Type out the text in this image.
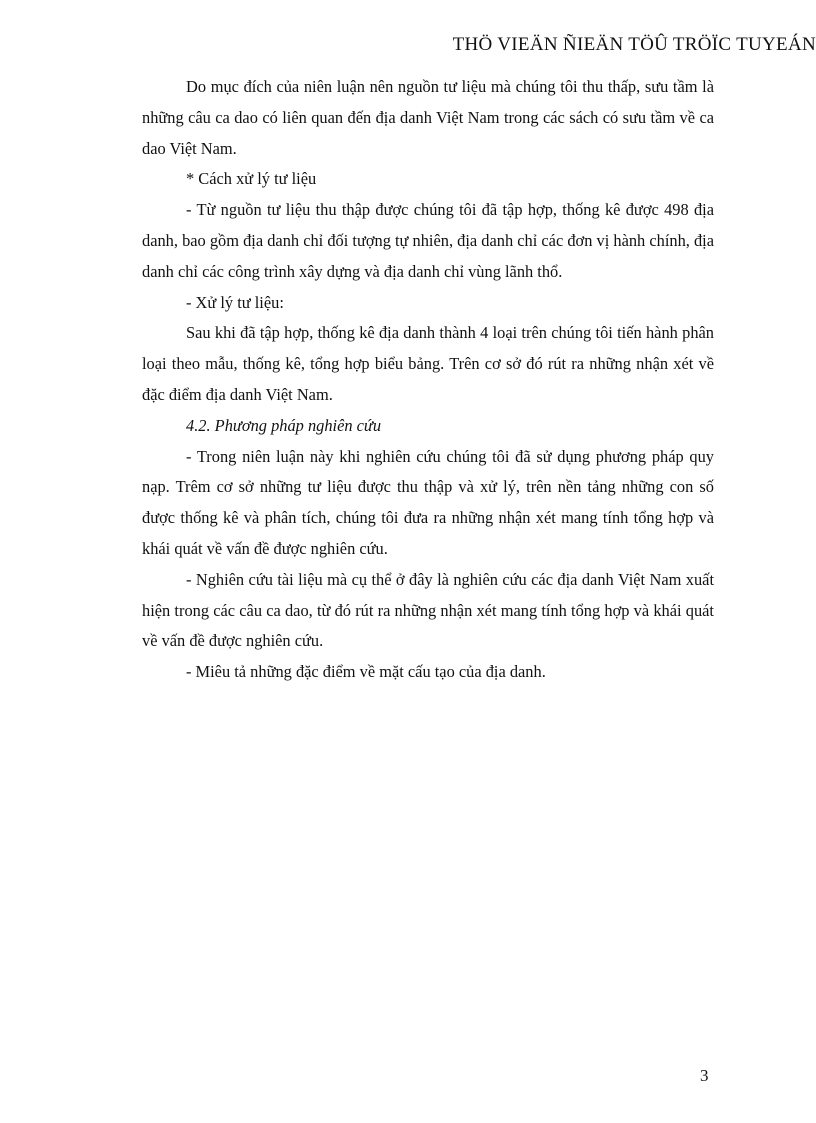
THÖ VIEÄN ÑIEÄN TÖÛ TRÖÏC TUYEÁN

Do mục đích của niên luận nên nguồn tư liệu mà chúng tôi thu thấp, sưu tầm là những câu ca dao có liên quan đến địa danh Việt Nam trong các sách có sưu tầm về ca dao Việt Nam.

* Cách xử lý tư liệu

- Từ nguồn tư liệu thu thập được chúng tôi đã tập hợp, thống kê được 498 địa danh, bao gồm địa danh chỉ đối tượng tự nhiên, địa danh chỉ các đơn vị hành chính, địa danh chỉ các công trình xây dựng và địa danh chỉ vùng lãnh thổ.

- Xử lý tư liệu:

Sau khi đã tập hợp, thống kê địa danh thành 4 loại trên chúng tôi tiến hành phân loại theo mẫu, thống kê, tổng hợp biểu bảng. Trên cơ sở đó rút ra những nhận xét về đặc điểm địa danh Việt Nam.

4.2. Phương pháp nghiên cứu

- Trong niên luận này khi nghiên cứu chúng tôi đã sử dụng phương pháp quy nạp. Trêm cơ sở những tư liệu được thu thập và xử lý, trên nền tảng những con số được thống kê và phân tích, chúng tôi đưa ra những nhận xét mang tính tổng hợp và khái quát về vấn đề được nghiên cứu.

- Nghiên cứu tài liệu mà cụ thể ở đây là nghiên cứu các địa danh Việt Nam xuất hiện trong các câu ca dao, từ đó rút ra những nhận xét mang tính tổng hợp và khái quát về vấn đề được nghiên cứu.

- Miêu tả những đặc điểm về mặt cấu tạo của địa danh.

3
